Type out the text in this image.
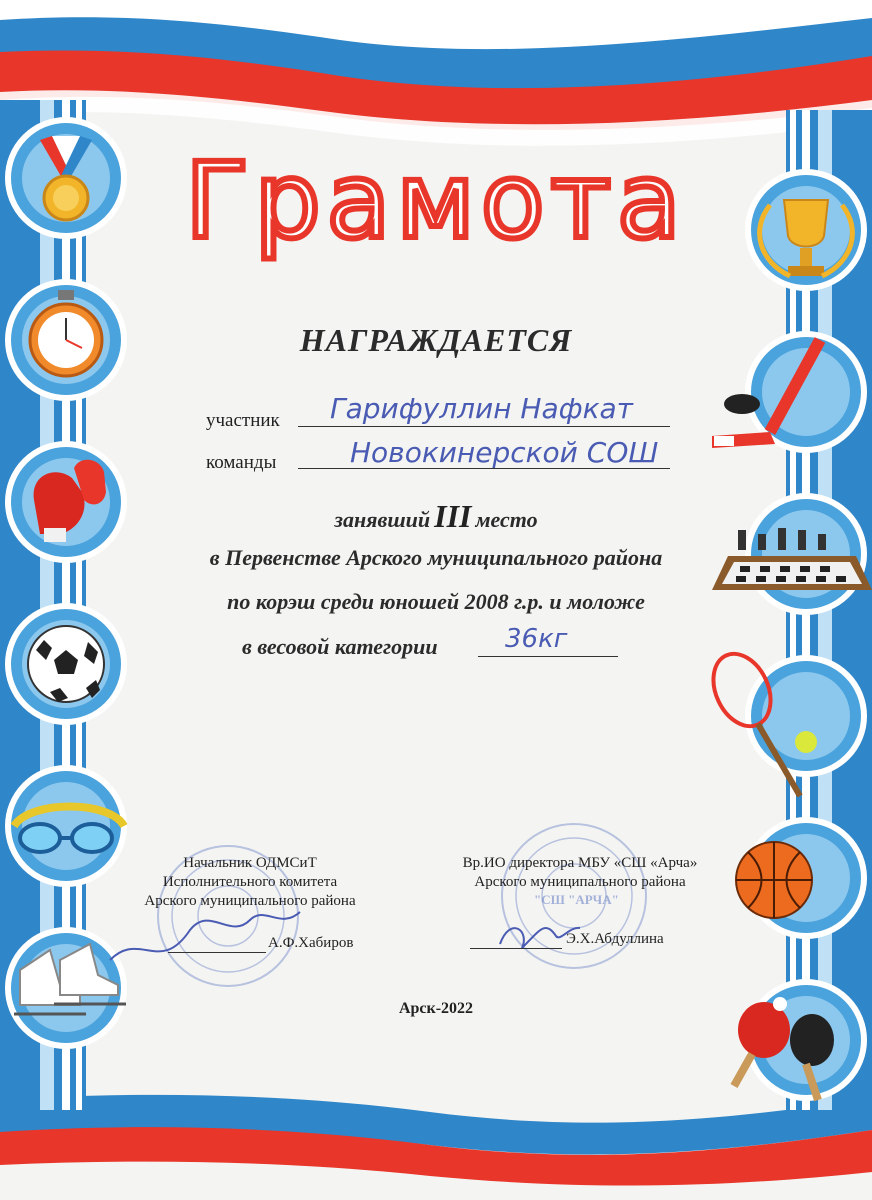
Грамота
НАГРАЖДАЕТСЯ
участник Гарифуллин Нафкат
команды	Новокинерской СОШ
занявший III место
в Первенстве Арского муниципального района
по корэш среди юношей 2008 г.р. и моложе
в весовой категории	36кг
Начальник ОДМСиТ
Исполнительного комитета
Арского муниципального района
А.Ф.Хабиров
Вр.ИО директора МБУ «СШ «Арча»
Арского муниципального района
Э.Х.Абдуллина
"СШ "АРЧА"
Арск-2022
